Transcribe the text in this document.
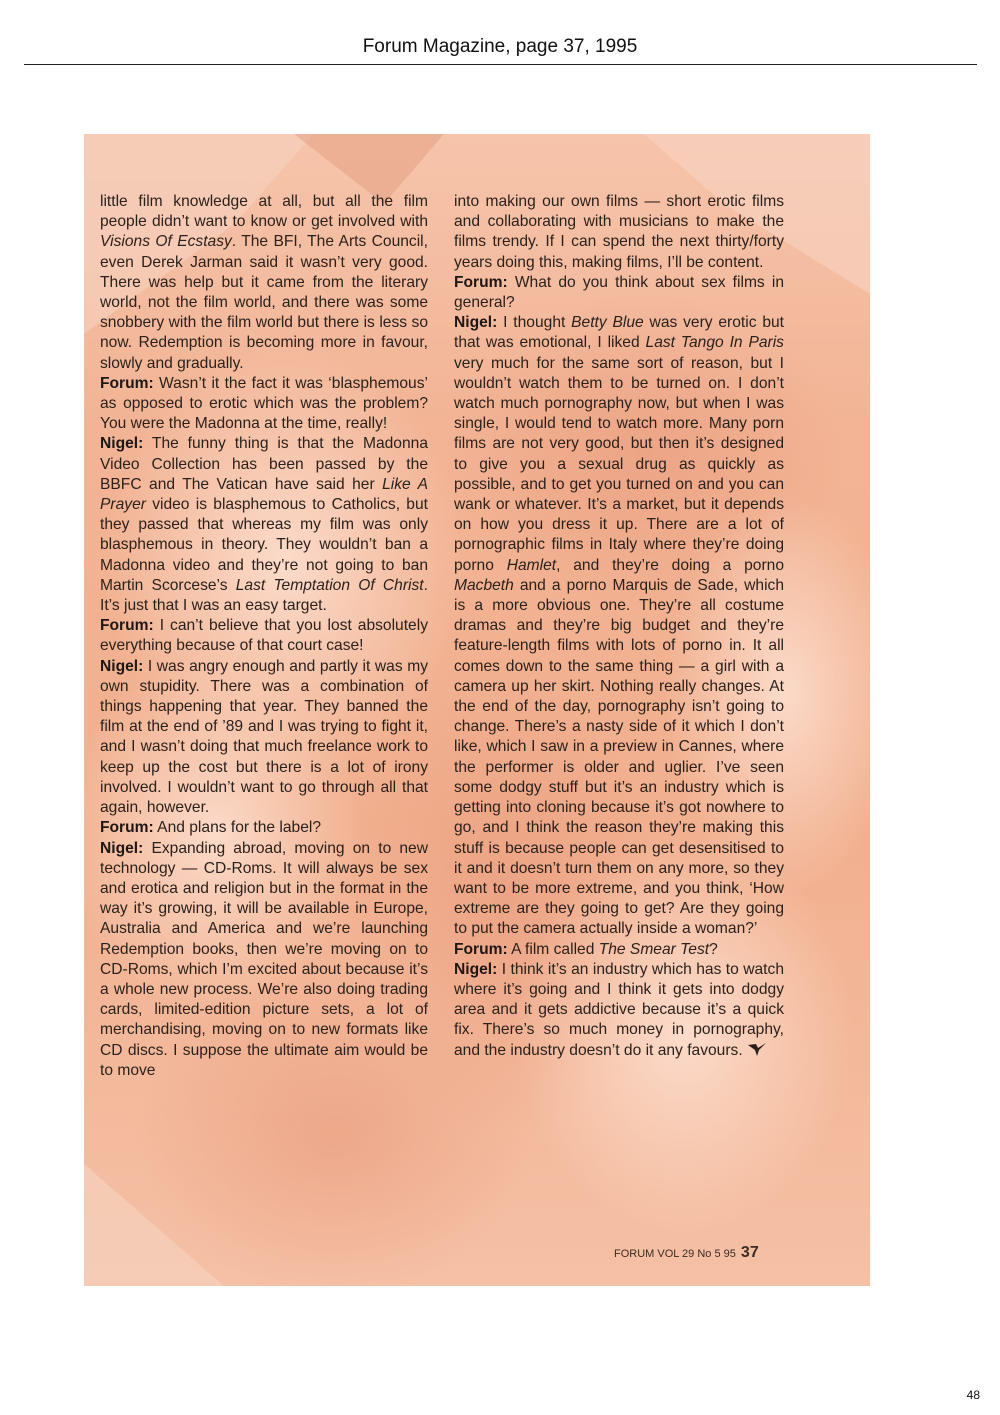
Forum Magazine, page 37, 1995

little film knowledge at all, but all the film people didn’t want to know or get involved with Visions Of Ecstasy. The BFI, The Arts Council, even Derek Jarman said it wasn’t very good. There was help but it came from the literary world, not the film world, and there was some snobbery with the film world but there is less so now. Redemption is becoming more in favour, slowly and gradually.
Forum: Wasn’t it the fact it was ‘blasphemous’ as opposed to erotic which was the problem? You were the Madonna at the time, really!
Nigel: The funny thing is that the Madonna Video Collection has been passed by the BBFC and The Vatican have said her Like A Prayer video is blasphemous to Catholics, but they passed that whereas my film was only blasphemous in theory. They wouldn’t ban a Madonna video and they’re not going to ban Martin Scorcese’s Last Temptation Of Christ. It’s just that I was an easy target.
Forum: I can’t believe that you lost absolutely everything because of that court case!
Nigel: I was angry enough and partly it was my own stupidity. There was a combination of things happening that year. They banned the film at the end of ’89 and I was trying to fight it, and I wasn’t doing that much freelance work to keep up the cost but there is a lot of irony involved. I wouldn’t want to go through all that again, however.
Forum: And plans for the label?
Nigel: Expanding abroad, moving on to new technology — CD-Roms. It will always be sex and erotica and religion but in the format in the way it’s growing, it will be available in Europe, Australia and America and we’re launching Redemption books, then we’re moving on to CD-Roms, which I’m excited about because it’s a whole new process. We’re also doing trading cards, limited-edition picture sets, a lot of merchandising, moving on to new formats like CD discs. I suppose the ultimate aim would be to move

into making our own films — short erotic films and collaborating with musicians to make the films trendy. If I can spend the next thirty/forty years doing this, making films, I’ll be content.
Forum: What do you think about sex films in general?
Nigel: I thought Betty Blue was very erotic but that was emotional, I liked Last Tango In Paris very much for the same sort of reason, but I wouldn’t watch them to be turned on. I don’t watch much pornography now, but when I was single, I would tend to watch more. Many porn films are not very good, but then it’s designed to give you a sexual drug as quickly as possible, and to get you turned on and you can wank or whatever. It’s a market, but it depends on how you dress it up. There are a lot of pornographic films in Italy where they’re doing porno Hamlet, and they’re doing a porno Macbeth and a porno Marquis de Sade, which is a more obvious one. They’re all costume dramas and they’re big budget and they’re feature-length films with lots of porno in. It all comes down to the same thing — a girl with a camera up her skirt. Nothing really changes. At the end of the day, pornography isn’t going to change. There’s a nasty side of it which I don’t like, which I saw in a preview in Cannes, where the performer is older and uglier. I’ve seen some dodgy stuff but it’s an industry which is getting into cloning because it’s got nowhere to go, and I think the reason they’re making this stuff is because people can get desensitised to it and it doesn’t turn them on any more, so they want to be more extreme, and you think, ‘How extreme are they going to get? Are they going to put the camera actually inside a woman?’
Forum: A film called The Smear Test?
Nigel: I think it’s an industry which has to watch where it’s going and I think it gets into dodgy area and it gets addictive because it’s a quick fix. There’s so much money in pornography, and the industry doesn’t do it any favours.

FORUM VOL 29 No 5 95 37
48
